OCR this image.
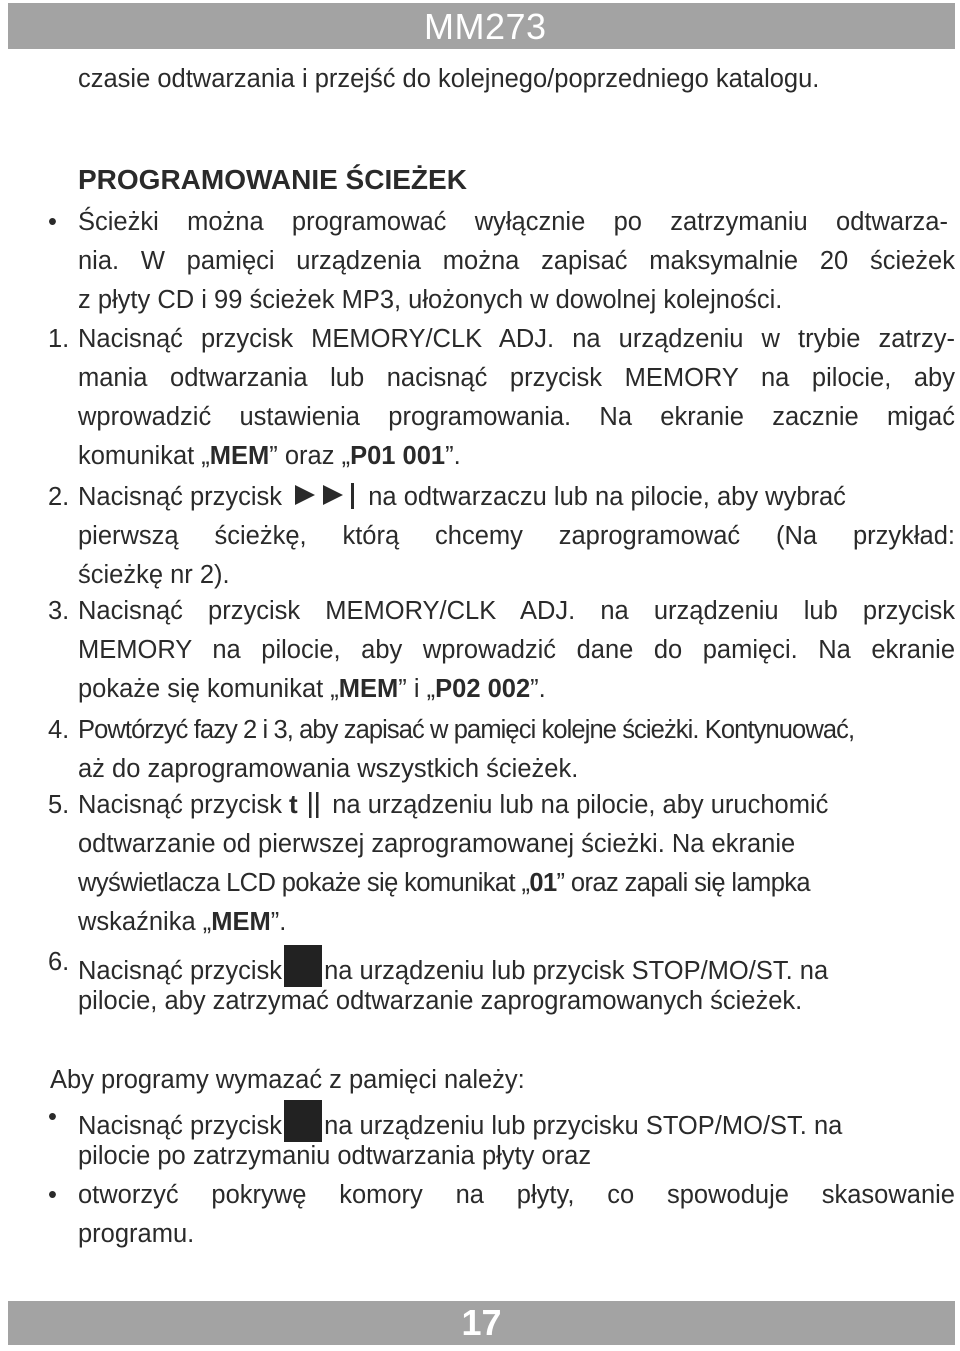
MM273
czasie odtwarzania i przejść do kolejnego/poprzedniego katalogu.
PROGRAMOWANIE ŚCIEŻEK
• Ścieżki można programować wyłącznie po zatrzymaniu odtwarza-
nia. W pamięci urządzenia można zapisać maksymalnie 20 ścieżek
z płyty CD i 99 ścieżek MP3, ułożonych w dowolnej kolejności.
1. Nacisnąć przycisk MEMORY/CLK ADJ. na urządzeniu w trybie zatrzy-
mania odtwarzania lub nacisnąć przycisk MEMORY na pilocie, aby
wprowadzić ustawienia programowania. Na ekranie zacznie migać
komunikat „MEM” oraz „P01 001”.
2. Nacisnąć przycisk	na odtwarzaczu lub na pilocie, aby wybrać
pierwszą ścieżkę, którą chcemy zaprogramować (Na przykład:
ścieżkę nr 2).
3. Nacisnąć przycisk MEMORY/CLK ADJ. na urządzeniu lub przycisk
MEMORY na pilocie, aby wprowadzić dane do pamięci. Na ekranie
pokaże się komunikat „MEM” i „P02 002”.
4. Powtórzyć fazy 2 i 3, aby zapisać w pamięci kolejne ścieżki. Kontynuować,
aż do zaprogramowania wszystkich ścieżek.
5. Nacisnąć przycisk t na urządzeniu lub na pilocie, aby uruchomić
odtwarzanie od pierwszej zaprogramowanej ścieżki. Na ekranie
wyświetlacza LCD pokaże się komunikat „01” oraz zapali się lampka
wskaźnika „MEM”.
6. Nacisnąć przycisk na urządzeniu lub przycisk STOP/MO/ST. na
pilocie, aby zatrzymać odtwarzanie zaprogramowanych ścieżek.
Aby programy wymazać z pamięci należy:
• Nacisnąć przycisk na urządzeniu lub przycisku STOP/MO/ST. na
pilocie po zatrzymaniu odtwarzania płyty oraz
• otworzyć pokrywę komory na płyty, co spowoduje skasowanie
programu.
17
